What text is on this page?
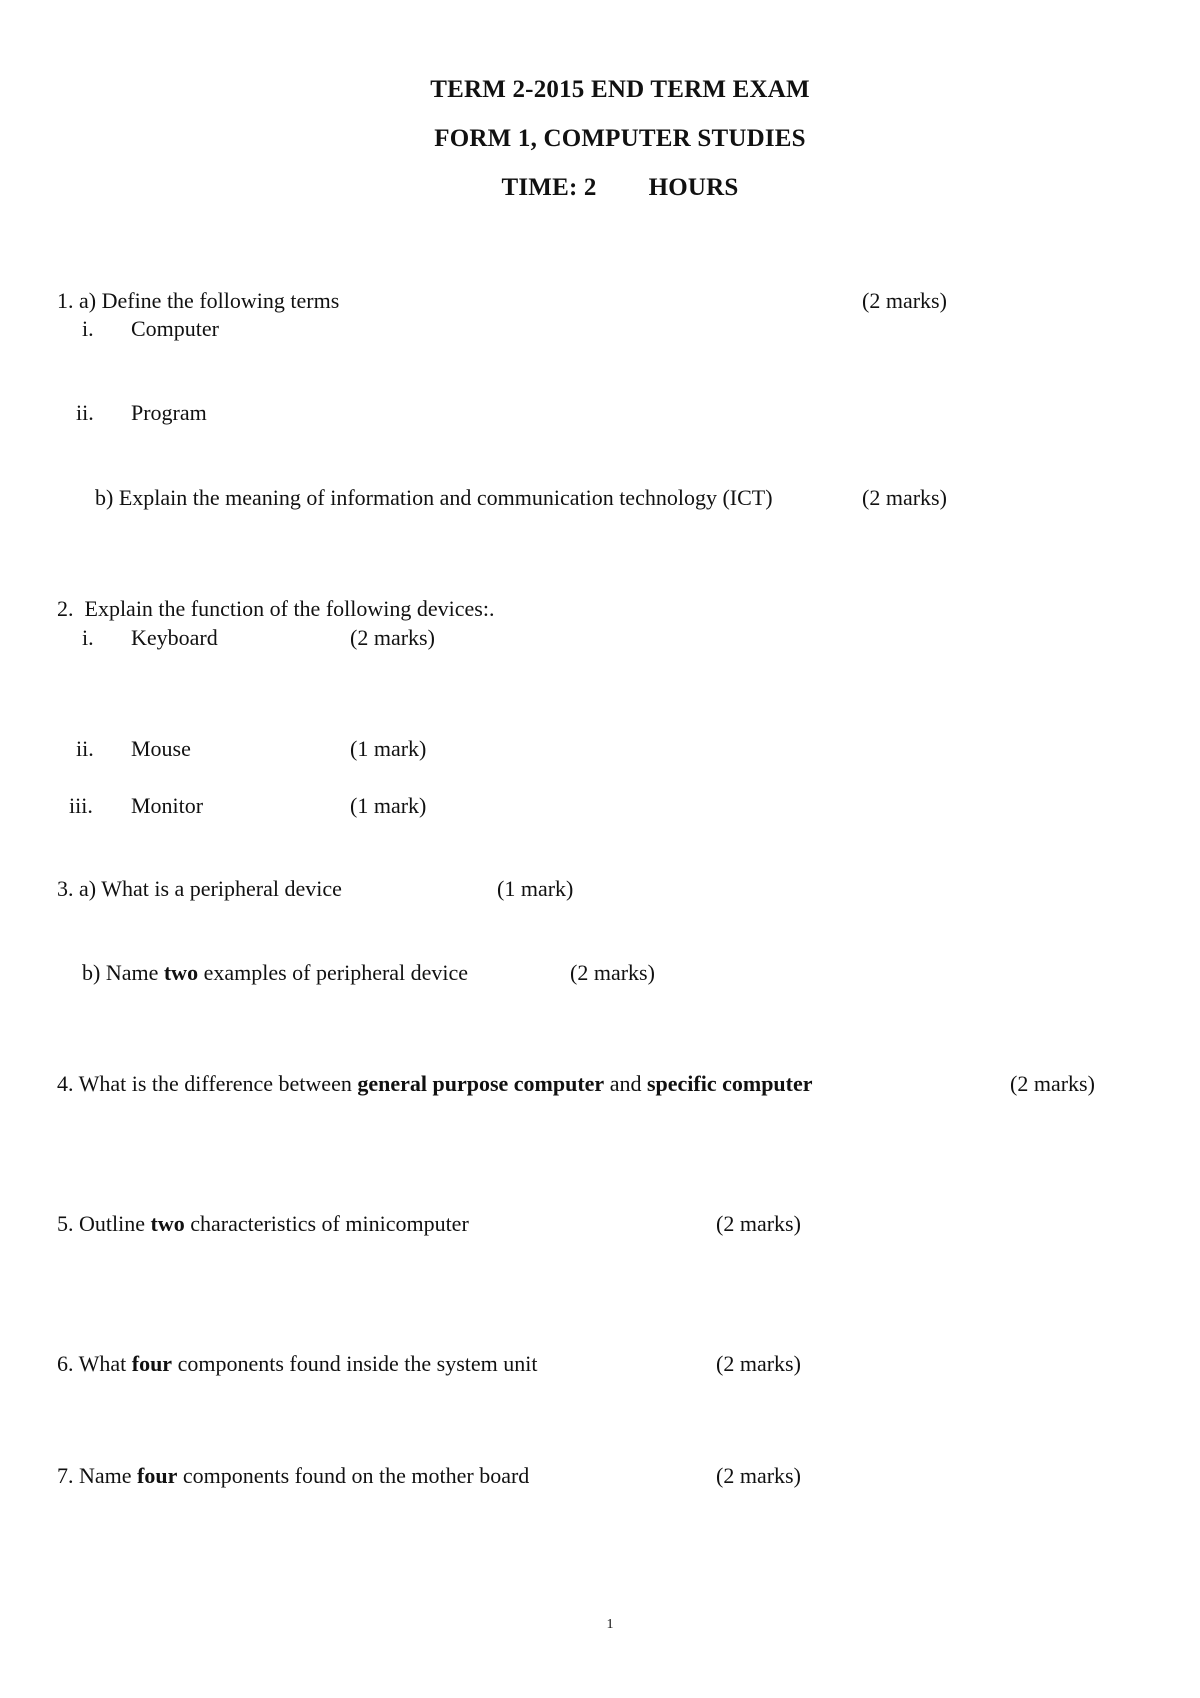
TERM 2-2015 END TERM EXAM
FORM 1, COMPUTER STUDIES
TIME: 2 HOURS
1. a) Define the following terms	(2 marks)
i. Computer
ii. Program
b) Explain the meaning of information and communication technology (ICT)	(2 marks)
2.  Explain the function of the following devices:.
i. Keyboard	(2 marks)
ii. Mouse	(1 mark)
iii. Monitor	(1 mark)
3. a) What is a peripheral device	(1 mark)
b) Name two examples of peripheral device	(2 marks)
4. What is the difference between general purpose computer and specific computer	(2 marks)
5. Outline two characteristics of minicomputer	(2 marks)
6. What four components found inside the system unit	(2 marks)
7. Name four components found on the mother board	(2 marks)
1
